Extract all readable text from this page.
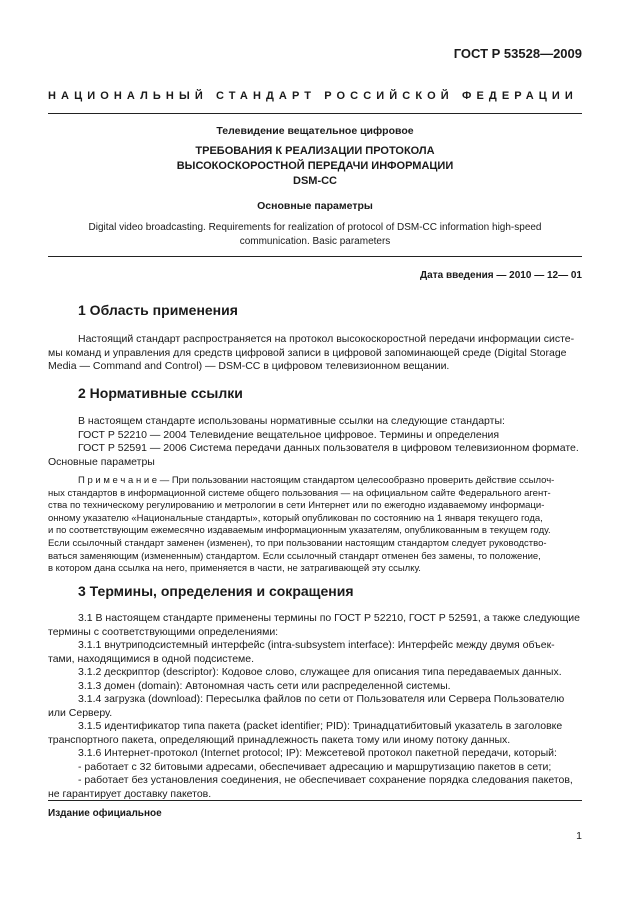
ГОСТ Р 53528—2009
НАЦИОНАЛЬНЫЙ СТАНДАРТ РОССИЙСКОЙ ФЕДЕРАЦИИ
Телевидение вещательное цифровое
ТРЕБОВАНИЯ К РЕАЛИЗАЦИИ ПРОТОКОЛА
ВЫСОКОСКОРОСТНОЙ ПЕРЕДАЧИ ИНФОРМАЦИИ
DSM-CC
Основные параметры
Digital video broadcasting. Requirements for realization of protocol of DSM-CC information high-speed
communication. Basic parameters
Дата введения — 2010 — 12— 01
1 Область применения
Настоящий стандарт распространяется на протокол высокоскоростной передачи информации систе-
мы команд и управления для средств цифровой записи в цифровой запоминающей среде (Digital Storage
Media — Command and Control) — DSM-CC в цифровом телевизионном вещании.
2 Нормативные ссылки
В настоящем стандарте использованы нормативные ссылки на следующие стандарты:
ГОСТ Р 52210 — 2004 Телевидение вещательное цифровое. Термины и определения
ГОСТ Р 52591 — 2006 Система передачи данных пользователя в цифровом телевизионном формате.
Основные параметры
П р и м е ч а н и е — При пользовании настоящим стандартом целесообразно проверить действие ссылоч-
ных стандартов в информационной системе общего пользования — на официальном сайте Федерального агент-
ства по техническому регулированию и метрологии в сети Интернет или по ежегодно издаваемому информаци-
онному указателю «Национальные стандарты», который опубликован по состоянию на 1 января текущего года,
и по соответствующим ежемесячно издаваемым информационным указателям, опубликованным в текущем году.
Если ссылочный стандарт заменен (изменен), то при пользовании настоящим стандартом следует руководство-
ваться заменяющим (измененным) стандартом. Если ссылочный стандарт отменен без замены, то положение,
в котором дана ссылка на него, применяется в части, не затрагивающей эту ссылку.
3 Термины, определения и сокращения
3.1 В настоящем стандарте применены термины по ГОСТ Р 52210, ГОСТ Р 52591, а также следующие
термины с соответствующими определениями:
3.1.1 внутриподсистемный интерфейс (intra-subsystem interface): Интерфейс между двумя объек-
тами, находящимися в одной подсистеме.
3.1.2 дескриптор (descriptor): Кодовое слово, служащее для описания типа передаваемых данных.
3.1.3 домен (domain): Автономная часть сети или распределенной системы.
3.1.4 загрузка (download): Пересылка файлов по сети от Пользователя или Сервера Пользователю
или Серверу.
3.1.5 идентификатор типа пакета (packet identifier; PID): Тринадцатибитовый указатель в заголовке
транспортного пакета, определяющий принадлежность пакета тому или иному потоку данных.
3.1.6 Интернет-протокол (Internet protocol; IP): Межсетевой протокол пакетной передачи, который:
- работает с 32 битовыми адресами, обеспечивает адресацию и маршрутизацию пакетов в сети;
- работает без установления соединения, не обеспечивает сохранение порядка следования пакетов,
не гарантирует доставку пакетов.
Издание официальное
1
